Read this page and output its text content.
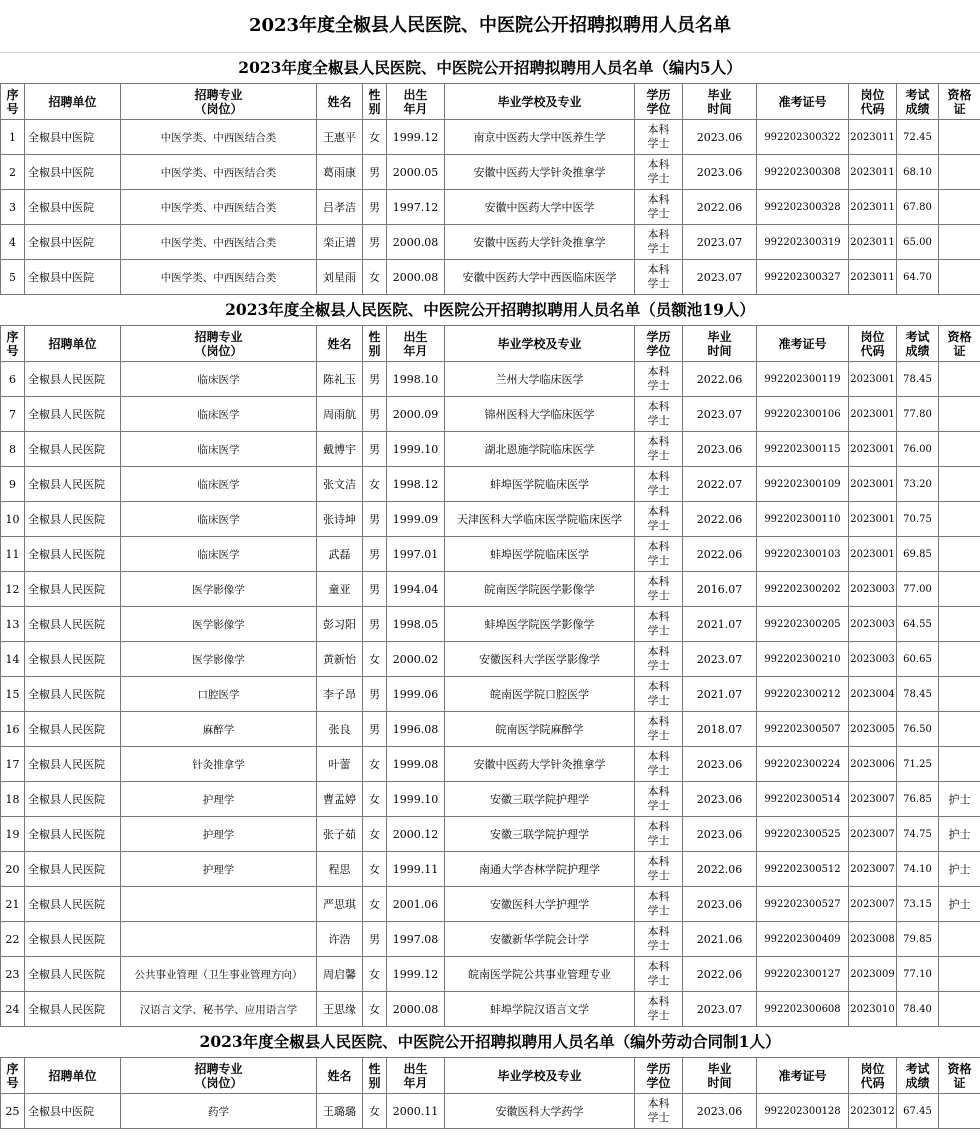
2023年度全椒县人民医院、中医院公开招聘拟聘用人员名单
2023年度全椒县人民医院、中医院公开招聘拟聘用人员名单（编内5人）
序
号	招聘单位	招聘专业
（岗位）	姓名	性
别	出生
年月	毕业学校及专业	学历
学位	毕业
时间	准考证号	岗位
代码	考试
成绩	资格
证
1	全椒县中医院	中医学类、中西医结合类	王惠平	女	1999.12	南京中医药大学中医养生学	本科
学士	2023.06	992202300322	2023011	72.45	
2	全椒县中医院	中医学类、中西医结合类	葛雨康	男	2000.05	安徽中医药大学针灸推拿学	本科
学士	2023.06	992202300308	2023011	68.10	
3	全椒县中医院	中医学类、中西医结合类	吕孝洁	男	1997.12	安徽中医药大学中医学	本科
学士	2022.06	992202300328	2023011	67.80	
4	全椒县中医院	中医学类、中西医结合类	栾正谱	男	2000.08	安徽中医药大学针灸推拿学	本科
学士	2023.07	992202300319	2023011	65.00	
5	全椒县中医院	中医学类、中西医结合类	刘星雨	女	2000.08	安徽中医药大学中西医临床医学	本科
学士	2023.07	992202300327	2023011	64.70	
2023年度全椒县人民医院、中医院公开招聘拟聘用人员名单（员额池19人）
序
号	招聘单位	招聘专业
（岗位）	姓名	性
别	出生
年月	毕业学校及专业	学历
学位	毕业
时间	准考证号	岗位
代码	考试
成绩	资格
证
6	全椒县人民医院	临床医学	陈礼玉	男	1998.10	兰州大学临床医学	本科
学士	2022.06	992202300119	2023001	78.45	
7	全椒县人民医院	临床医学	周雨航	男	2000.09	锦州医科大学临床医学	本科
学士	2023.07	992202300106	2023001	77.80	
8	全椒县人民医院	临床医学	戴博宇	男	1999.10	湖北恩施学院临床医学	本科
学士	2023.06	992202300115	2023001	76.00	
9	全椒县人民医院	临床医学	张文洁	女	1998.12	蚌埠医学院临床医学	本科
学士	2022.07	992202300109	2023001	73.20	
10	全椒县人民医院	临床医学	张诗坤	男	1999.09	天津医科大学临床医学院临床医学	本科
学士	2022.06	992202300110	2023001	70.75	
11	全椒县人民医院	临床医学	武磊	男	1997.01	蚌埠医学院临床医学	本科
学士	2022.06	992202300103	2023001	69.85	
12	全椒县人民医院	医学影像学	童亚	男	1994.04	皖南医学院医学影像学	本科
学士	2016.07	992202300202	2023003	77.00	
13	全椒县人民医院	医学影像学	彭习阳	男	1998.05	蚌埠医学院医学影像学	本科
学士	2021.07	992202300205	2023003	64.55	
14	全椒县人民医院	医学影像学	黄新怡	女	2000.02	安徽医科大学医学影像学	本科
学士	2023.07	992202300210	2023003	60.65	
15	全椒县人民医院	口腔医学	李子昂	男	1999.06	皖南医学院口腔医学	本科
学士	2021.07	992202300212	2023004	78.45	
16	全椒县人民医院	麻醉学	张良	男	1996.08	皖南医学院麻醉学	本科
学士	2018.07	992202300507	2023005	76.50	
17	全椒县人民医院	针灸推拿学	叶蕾	女	1999.08	安徽中医药大学针灸推拿学	本科
学士	2023.06	992202300224	2023006	71.25	
18	全椒县人民医院	护理学	曹孟婷	女	1999.10	安徽三联学院护理学	本科
学士	2023.06	992202300514	2023007	76.85	护士
19	全椒县人民医院	护理学	张子茹	女	2000.12	安徽三联学院护理学	本科
学士	2023.06	992202300525	2023007	74.75	护士
20	全椒县人民医院	护理学	程思	女	1999.11	南通大学杏林学院护理学	本科
学士	2022.06	992202300512	2023007	74.10	护士
21	全椒县人民医院		严思琪	女	2001.06	安徽医科大学护理学	本科
学士	2023.06	992202300527	2023007	73.15	护士
22	全椒县人民医院		许浩	男	1997.08	安徽新华学院会计学	本科
学士	2021.06	992202300409	2023008	79.85	
23	全椒县人民医院	公共事业管理（卫生事业管理方向）	周启馨	女	1999.12	皖南医学院公共事业管理专业	本科
学士	2022.06	992202300127	2023009	77.10	
24	全椒县人民医院	汉语言文学、秘书学、应用语言学	王思缘	女	2000.08	蚌埠学院汉语言文学	本科
学士	2023.07	992202300608	2023010	78.40	
2023年度全椒县人民医院、中医院公开招聘拟聘用人员名单（编外劳动合同制1人）
序
号	招聘单位	招聘专业
（岗位）	姓名	性
别	出生
年月	毕业学校及专业	学历
学位	毕业
时间	准考证号	岗位
代码	考试
成绩	资格
证
25	全椒县中医院	药学	王璐璐	女	2000.11	安徽医科大学药学	本科
学士	2023.06	992202300128	2023012	67.45	
